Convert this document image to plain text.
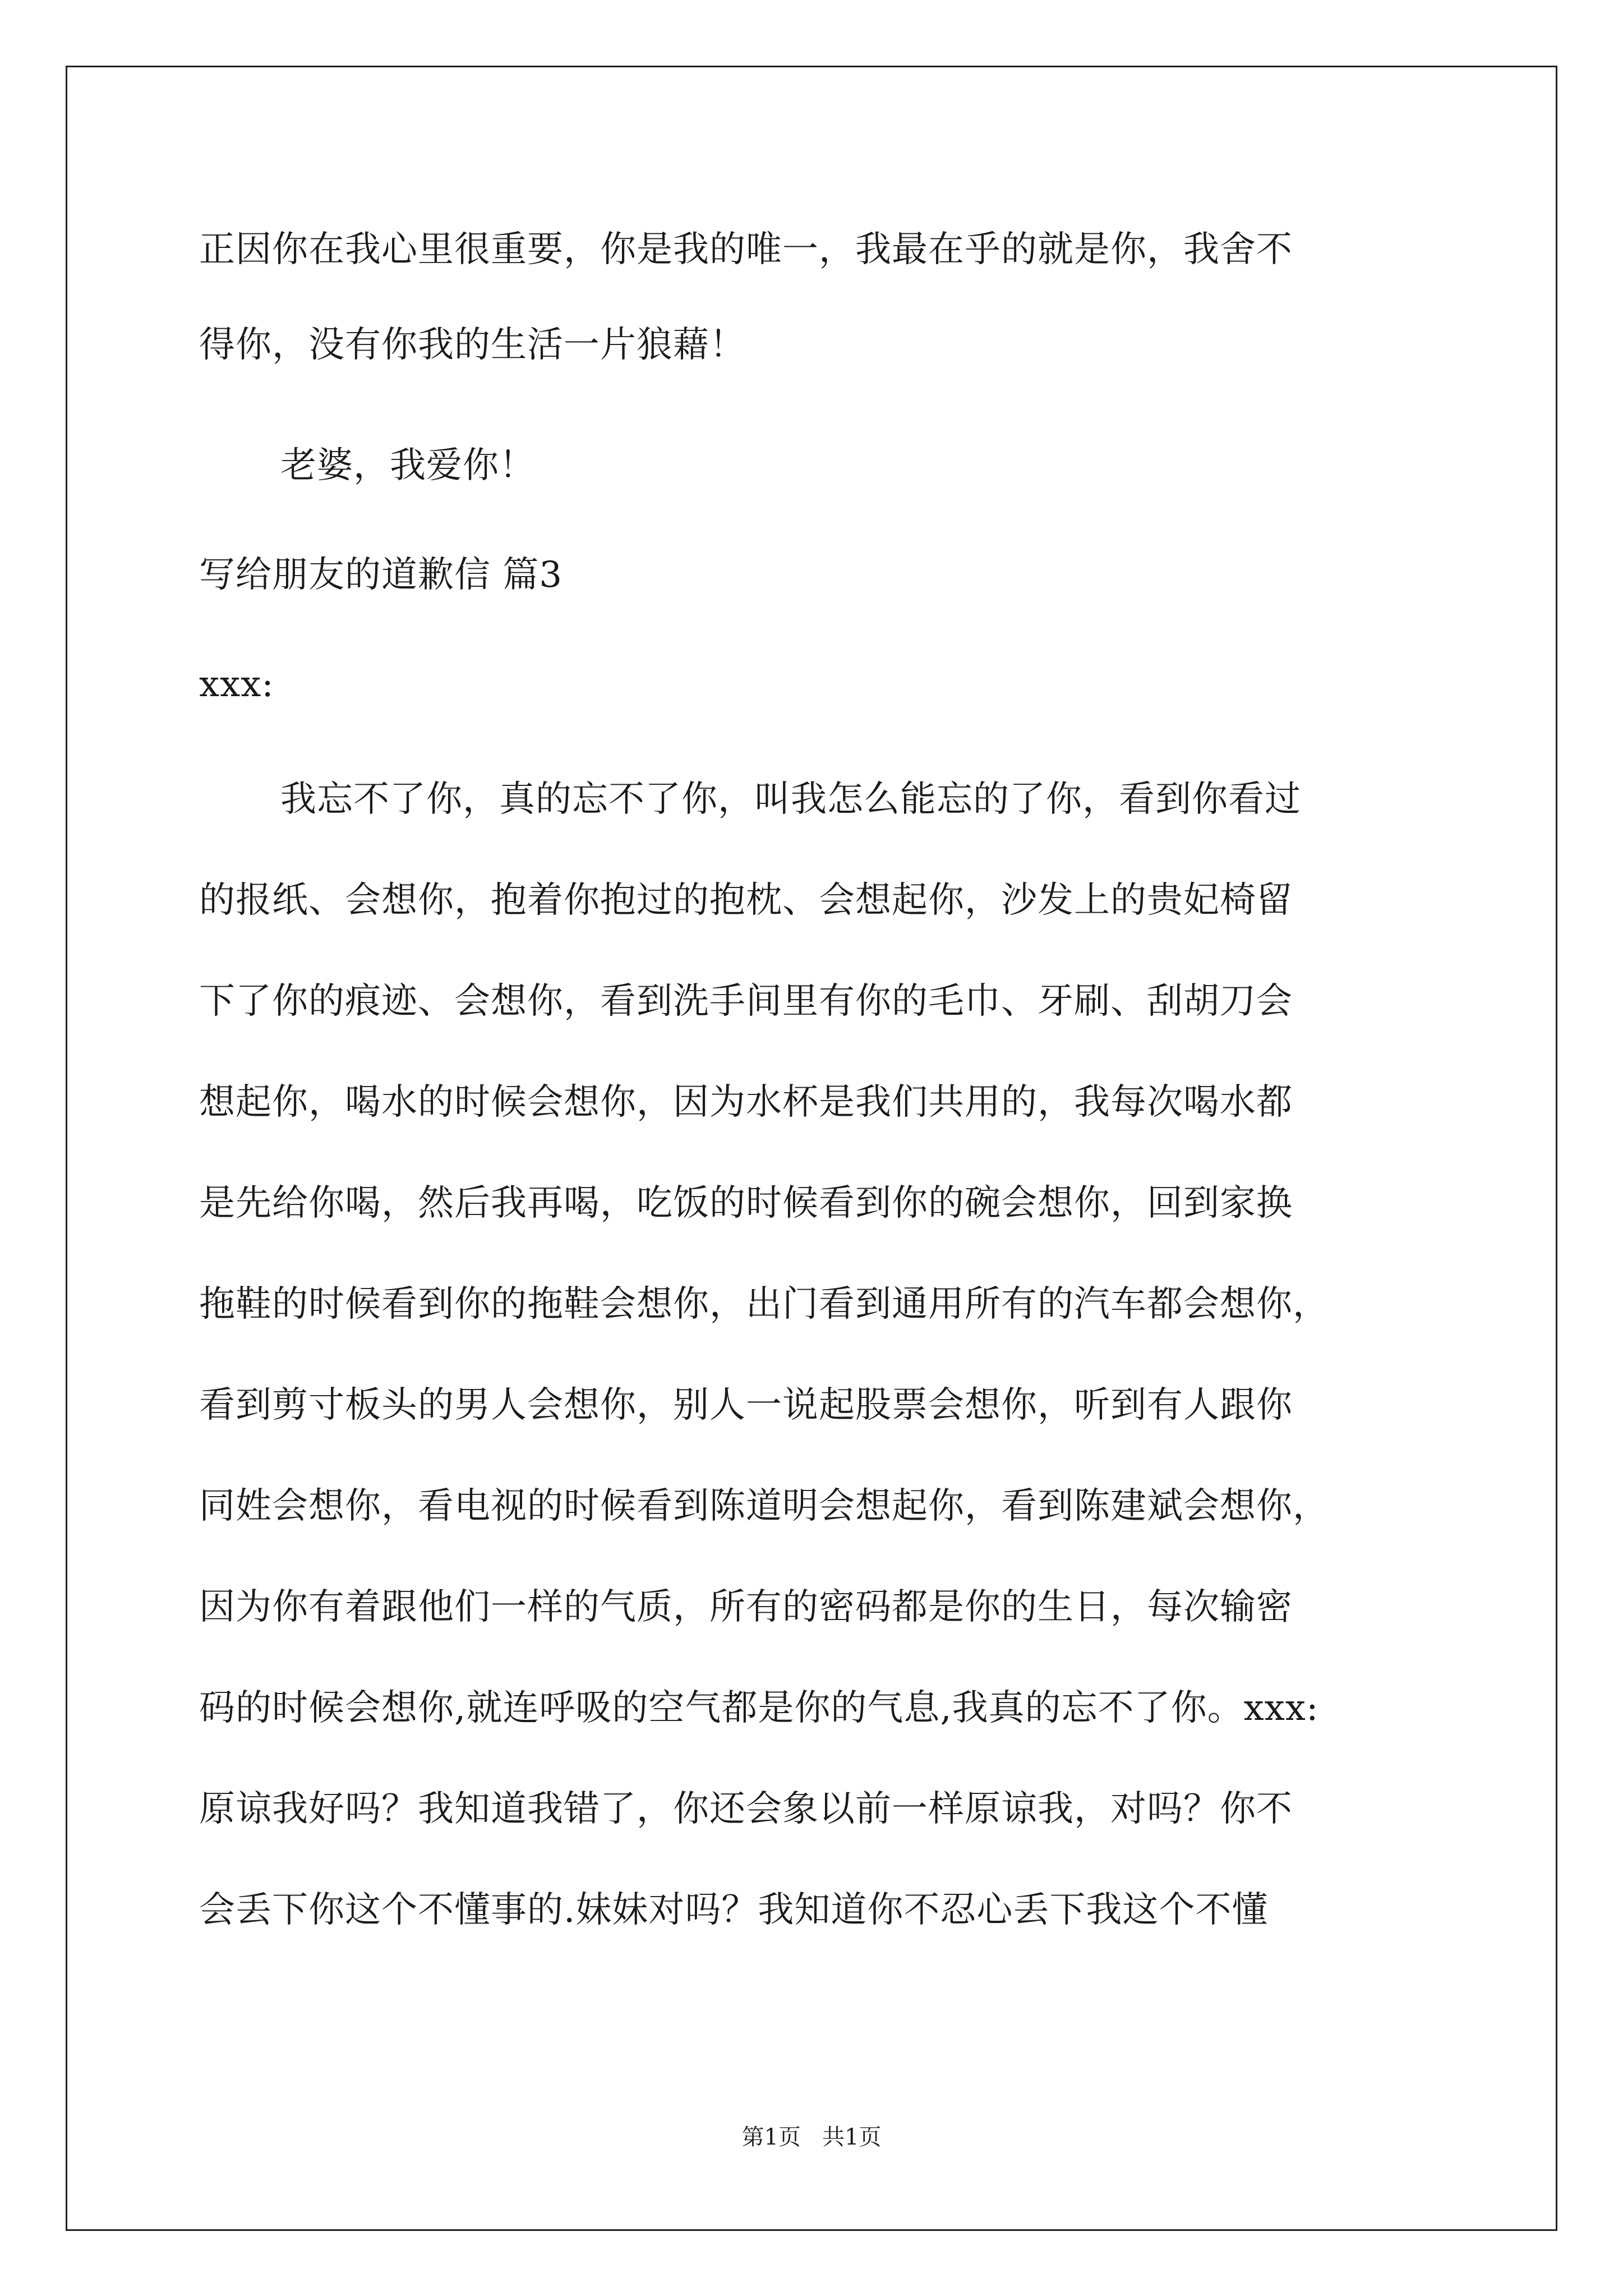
正因你在我心里很重要，你是我的唯一，我最在乎的就是你，我舍不
得你，没有你我的生活一片狼藉！
老婆，我爱你！
写给朋友的道歉信 篇3
xxx:
我忘不了你，真的忘不了你，叫我怎么能忘的了你，看到你看过
的报纸、会想你，抱着你抱过的抱枕、会想起你，沙发上的贵妃椅留
下了你的痕迹、会想你，看到洗手间里有你的毛巾、牙刷、刮胡刀会
想起你，喝水的时候会想你，因为水杯是我们共用的，我每次喝水都
是先给你喝，然后我再喝，吃饭的时候看到你的碗会想你，回到家换
拖鞋的时候看到你的拖鞋会想你，出门看到通用所有的汽车都会想你，
看到剪寸板头的男人会想你，别人一说起股票会想你，听到有人跟你
同姓会想你，看电视的时候看到陈道明会想起你，看到陈建斌会想你，
因为你有着跟他们一样的气质，所有的密码都是你的生日，每次输密
码的时候会想你,就连呼吸的空气都是你的气息,我真的忘不了你。xxx:
原谅我好吗？我知道我错了，你还会象以前一样原谅我，对吗？你不
会丢下你这个不懂事的.妹妹对吗？我知道你不忍心丢下我这个不懂
第1页   共1页
